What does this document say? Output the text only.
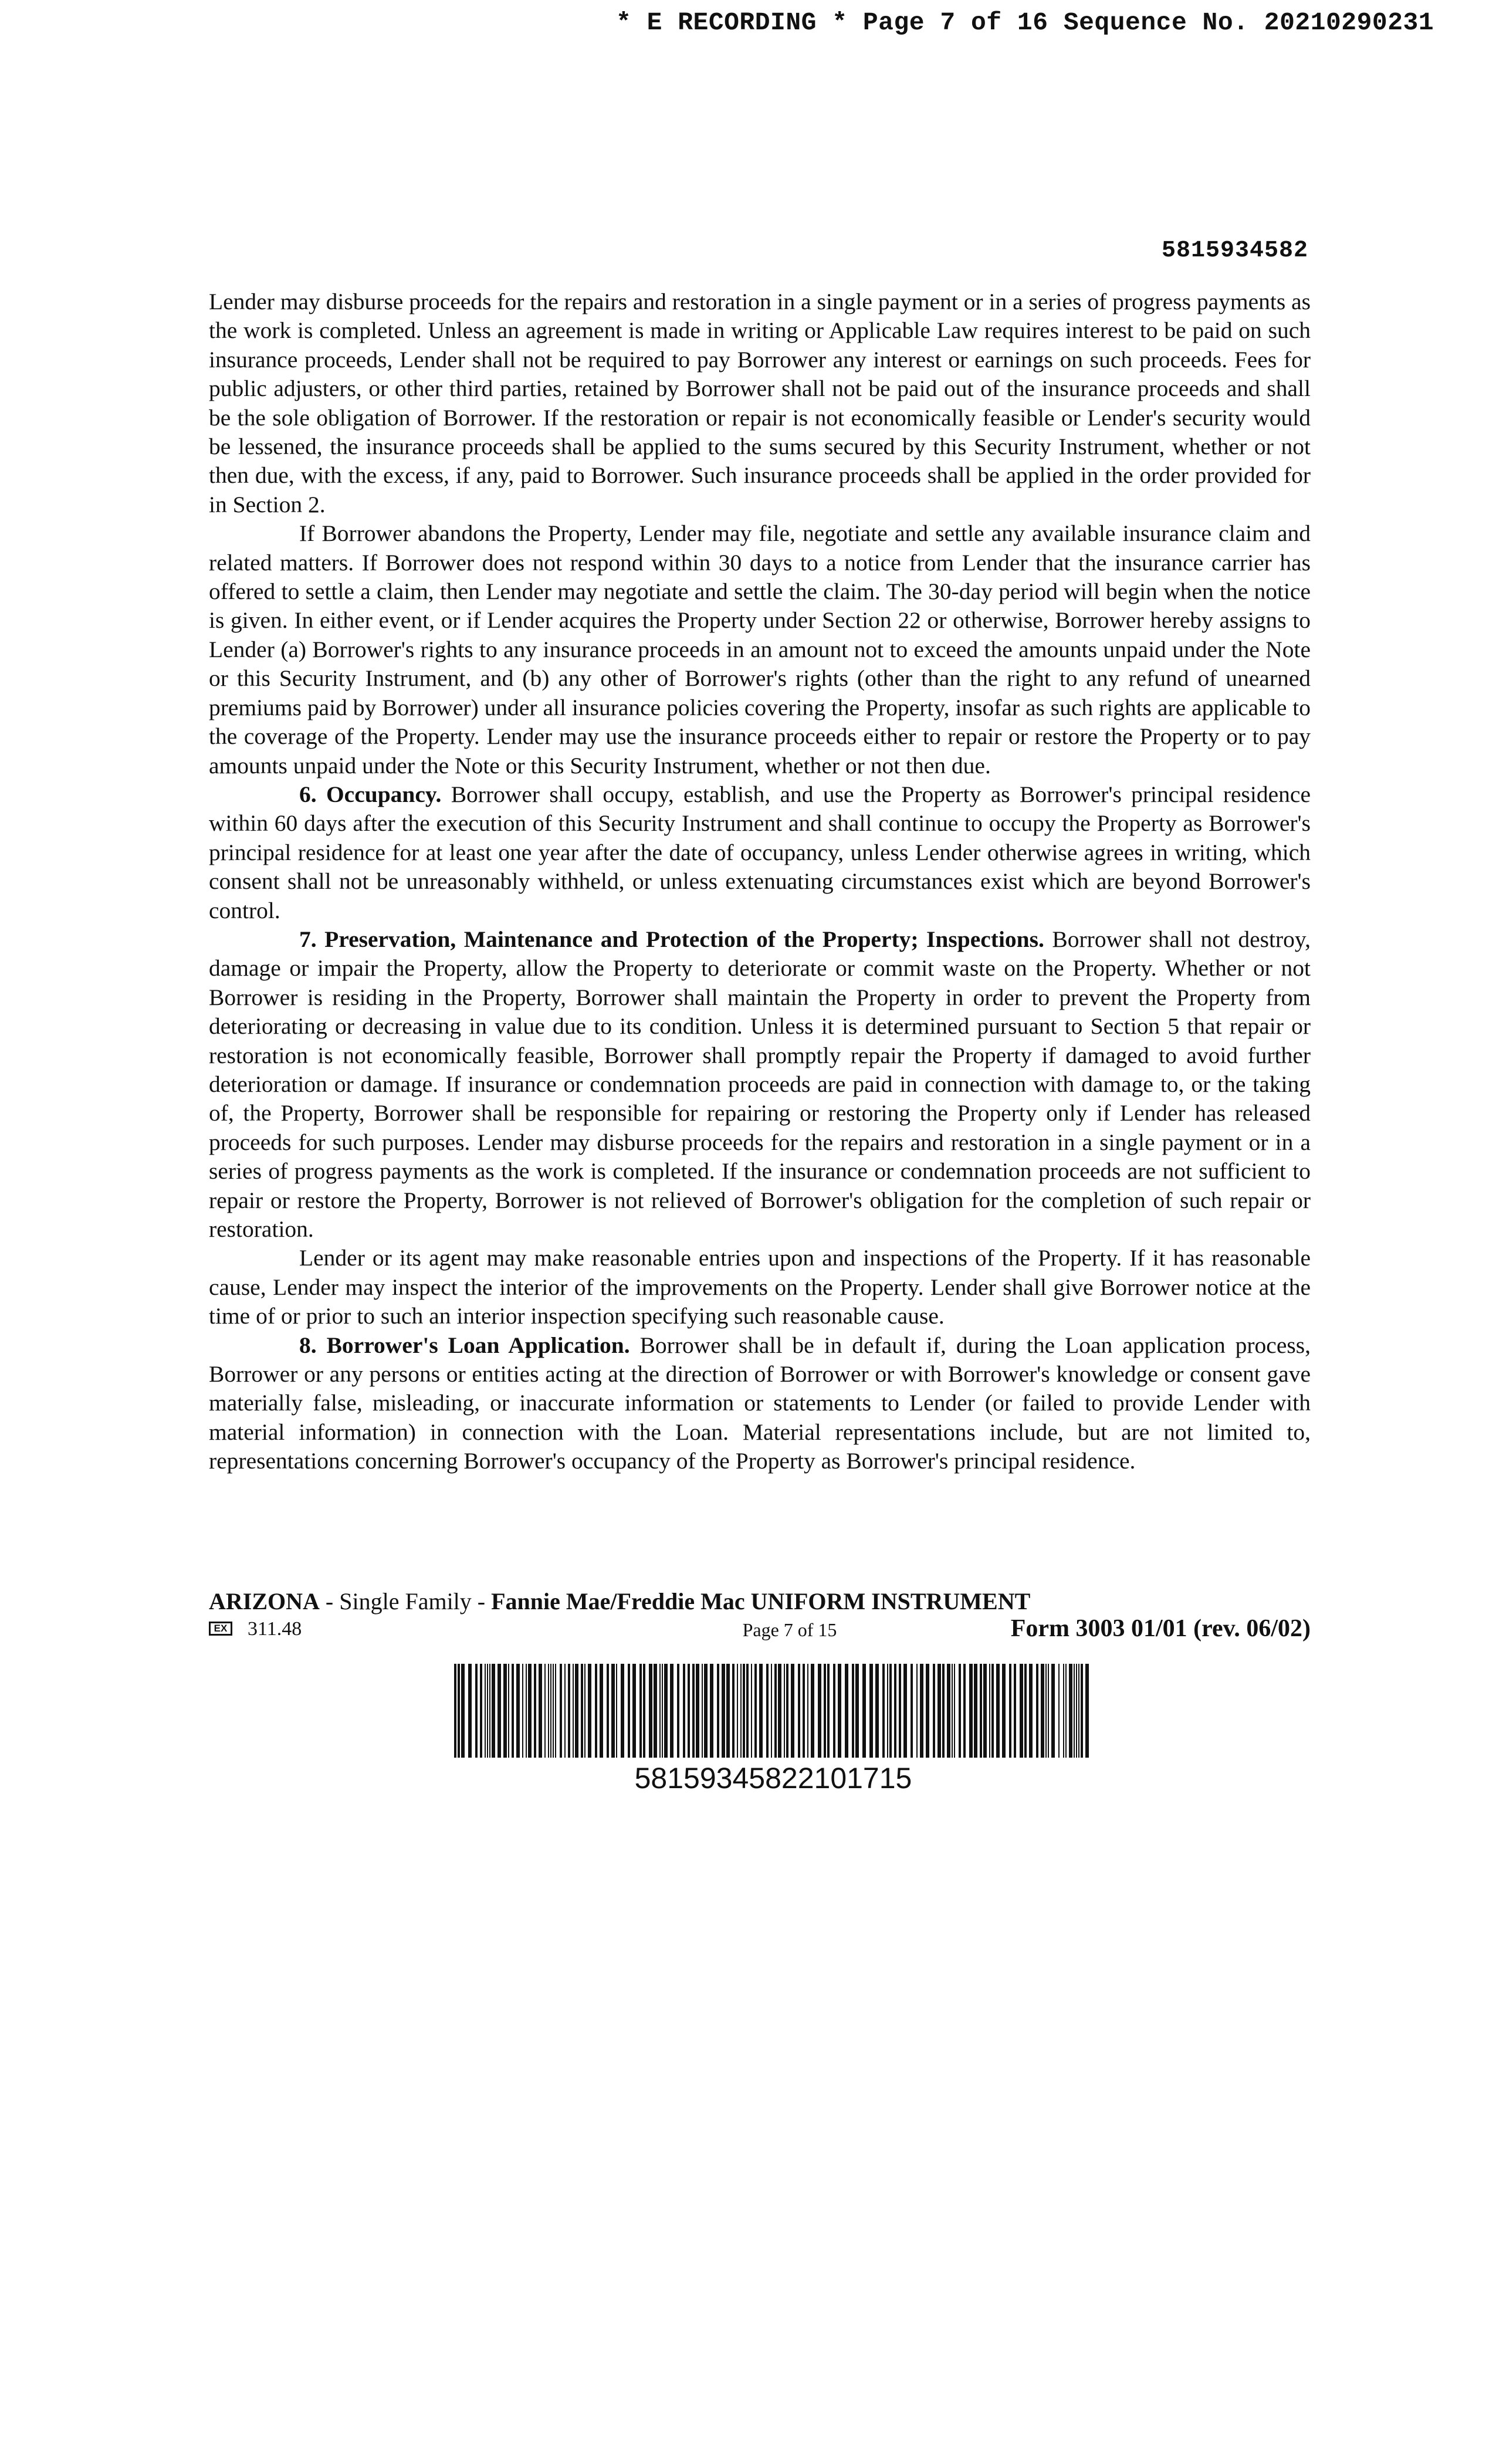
* E RECORDING * Page 7 of 16 Sequence No. 20210290231
5815934582

Lender may disburse proceeds for the repairs and restoration in a single payment or in a series of progress payments as the work is completed. Unless an agreement is made in writing or Applicable Law requires interest to be paid on such insurance proceeds, Lender shall not be required to pay Borrower any interest or earnings on such proceeds. Fees for public adjusters, or other third parties, retained by Borrower shall not be paid out of the insurance proceeds and shall be the sole obligation of Borrower. If the restoration or repair is not economically feasible or Lender's security would be lessened, the insurance proceeds shall be applied to the sums secured by this Security Instrument, whether or not then due, with the excess, if any, paid to Borrower. Such insurance proceeds shall be applied in the order provided for in Section 2.

If Borrower abandons the Property, Lender may file, negotiate and settle any available insurance claim and related matters. If Borrower does not respond within 30 days to a notice from Lender that the insurance carrier has offered to settle a claim, then Lender may negotiate and settle the claim. The 30-day period will begin when the notice is given. In either event, or if Lender acquires the Property under Section 22 or otherwise, Borrower hereby assigns to Lender (a) Borrower's rights to any insurance proceeds in an amount not to exceed the amounts unpaid under the Note or this Security Instrument, and (b) any other of Borrower's rights (other than the right to any refund of unearned premiums paid by Borrower) under all insurance policies covering the Property, insofar as such rights are applicable to the coverage of the Property. Lender may use the insurance proceeds either to repair or restore the Property or to pay amounts unpaid under the Note or this Security Instrument, whether or not then due.

6. Occupancy. Borrower shall occupy, establish, and use the Property as Borrower's principal residence within 60 days after the execution of this Security Instrument and shall continue to occupy the Property as Borrower's principal residence for at least one year after the date of occupancy, unless Lender otherwise agrees in writing, which consent shall not be unreasonably withheld, or unless extenuating circumstances exist which are beyond Borrower's control.

7. Preservation, Maintenance and Protection of the Property; Inspections. Borrower shall not destroy, damage or impair the Property, allow the Property to deteriorate or commit waste on the Property. Whether or not Borrower is residing in the Property, Borrower shall maintain the Property in order to prevent the Property from deteriorating or decreasing in value due to its condition. Unless it is determined pursuant to Section 5 that repair or restoration is not economically feasible, Borrower shall promptly repair the Property if damaged to avoid further deterioration or damage. If insurance or condemnation proceeds are paid in connection with damage to, or the taking of, the Property, Borrower shall be responsible for repairing or restoring the Property only if Lender has released proceeds for such purposes. Lender may disburse proceeds for the repairs and restoration in a single payment or in a series of progress payments as the work is completed. If the insurance or condemnation proceeds are not sufficient to repair or restore the Property, Borrower is not relieved of Borrower's obligation for the completion of such repair or restoration.

Lender or its agent may make reasonable entries upon and inspections of the Property. If it has reasonable cause, Lender may inspect the interior of the improvements on the Property. Lender shall give Borrower notice at the time of or prior to such an interior inspection specifying such reasonable cause.

8. Borrower's Loan Application. Borrower shall be in default if, during the Loan application process, Borrower or any persons or entities acting at the direction of Borrower or with Borrower's knowledge or consent gave materially false, misleading, or inaccurate information or statements to Lender (or failed to provide Lender with material information) in connection with the Loan. Material representations include, but are not limited to, representations concerning Borrower's occupancy of the Property as Borrower's principal residence.

ARIZONA - Single Family - Fannie Mae/Freddie Mac UNIFORM INSTRUMENT
EX 311.48	Page 7 of 15	Form 3003 01/01 (rev. 06/02)
58159345822101715
